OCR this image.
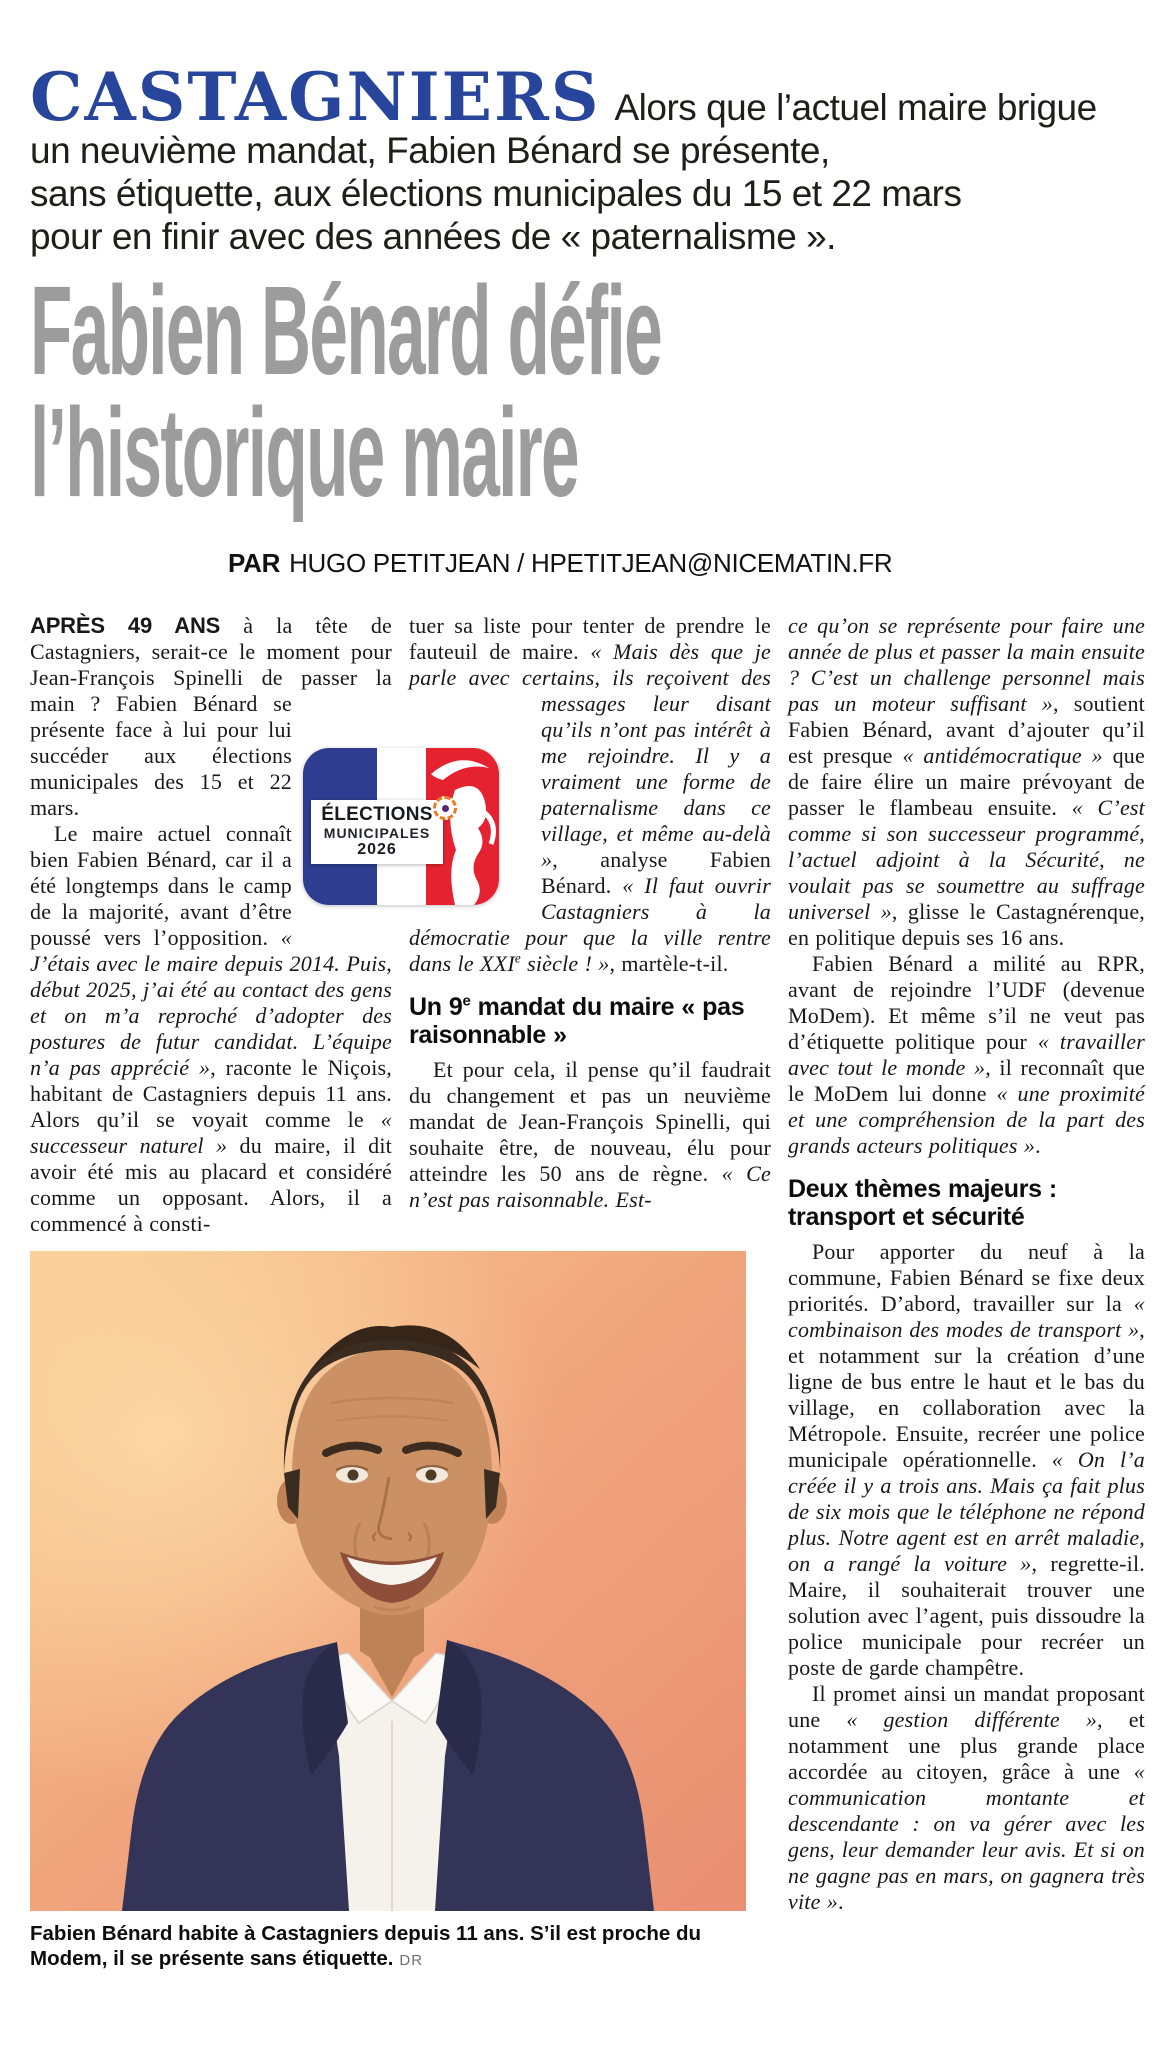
CASTAGNIERS Alors que l’actuel maire brigue
un neuvième mandat, Fabien Bénard se présente,
sans étiquette, aux élections municipales du 15 et 22 mars
pour en finir avec des années de « paternalisme ».

Fabien Bénard défie
l’historique maire

PAR HUGO PETITJEAN / HPETITJEAN@NICEMATIN.FR

APRÈS 49 ANS à la tête de Castagniers, serait-ce le moment pour Jean-François Spinelli de passer la main ? Fabien Bénard
se présente face à lui pour lui succéder aux élections municipales des 15 et 22 mars.

Le maire actuel connaît bien Fabien Bénard, car il a été longtemps dans le camp de la majorité, avant d’être poussé vers l’opposition. « J’étais avec le maire depuis 2014. Puis, début 2025, j’ai été au contact des gens et on m’a reproché d’adopter des postures de futur candidat. L’équipe n’a pas apprécié », raconte le Niçois, habitant de Castagniers depuis 11 ans. Alors qu’il se voyait comme le « successeur naturel » du maire, il dit avoir été mis au placard et considéré comme un opposant. Alors, il a commencé à consti-

tuer sa liste pour tenter de prendre le fauteuil de maire. « Mais dès que je parle avec certains, ils reçoivent des messages leur
disant qu’ils n’ont pas intérêt à me rejoindre. Il y a vraiment une forme de paternalisme dans ce village, et même au-delà », analyse Fabien Bénard. « Il faut ouvrir Castagniers à la démocratie pour que la ville rentre dans le XXIe siècle ! », martèle-t-il.

Un 9e mandat du maire « pas raisonnable »

Et pour cela, il pense qu’il faudrait du changement et pas un neuvième mandat de Jean-François Spinelli, qui souhaite être, de nouveau, élu pour atteindre les 50 ans de règne. « Ce n’est pas raisonnable. Est-

Fabien Bénard habite à Castagniers depuis 11 ans. S’il est proche du Modem, il se présente sans étiquette. DR

ce qu’on se représente pour faire une année de plus et passer la main ensuite ? C’est un challenge personnel mais pas un moteur suffisant », soutient Fabien Bénard, avant d’ajouter qu’il est presque « antidémocratique » que de faire élire un maire prévoyant de passer le flambeau ensuite. « C’est comme si son successeur programmé, l’actuel adjoint à la Sécurité, ne voulait pas se soumettre au suffrage universel », glisse le Castagnérenque, en politique depuis ses 16 ans.

Fabien Bénard a milité au RPR, avant de rejoindre l’UDF (devenue MoDem). Et même s’il ne veut pas d’étiquette politique pour « travailler avec tout le monde », il reconnaît que le MoDem lui donne « une proximité et une compréhension de la part des grands acteurs politiques ».

Deux thèmes majeurs : transport et sécurité

Pour apporter du neuf à la commune, Fabien Bénard se fixe deux priorités. D’abord, travailler sur la « combinaison des modes de transport », et notamment sur la création d’une ligne de bus entre le haut et le bas du village, en collaboration avec la Métropole. Ensuite, recréer une police municipale opérationnelle. « On l’a créée il y a trois ans. Mais ça fait plus de six mois que le téléphone ne répond plus. Notre agent est en arrêt maladie, on a rangé la voiture », regrette-il. Maire, il souhaiterait trouver une solution avec l’agent, puis dissoudre la police municipale pour recréer un poste de garde champêtre.

Il promet ainsi un mandat proposant une « gestion différente », et notamment une plus grande place accordée au citoyen, grâce à une « communication montante et descendante : on va gérer avec les gens, leur demander leur avis. Et si on ne gagne pas en mars, on gagnera très vite ».

ÉLECTIONS
MUNICIPALES
2026
